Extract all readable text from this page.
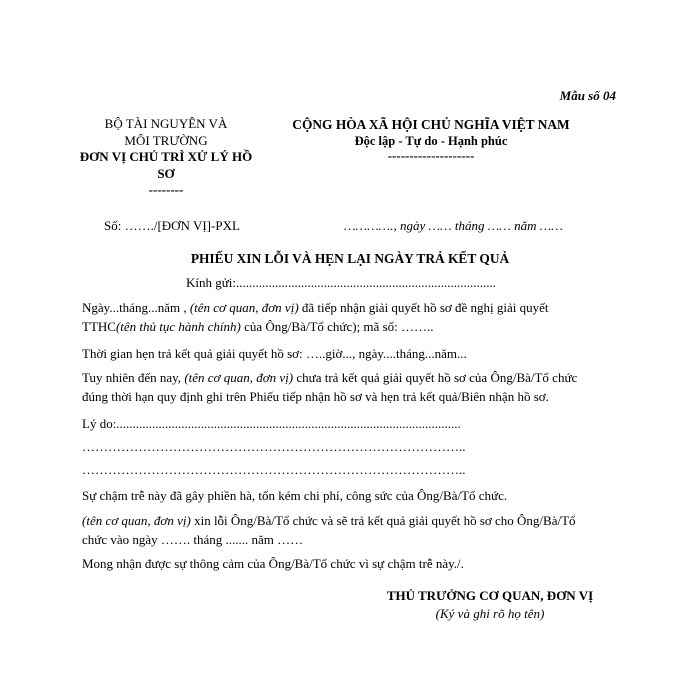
Mẫu số 04
BỘ TÀI NGUYÊN VÀ
MÔI TRƯỜNG
ĐƠN VỊ CHỦ TRÌ XỬ LÝ HỒ
SƠ
--------
CỘNG HÒA XÃ HỘI CHỦ NGHĨA VIỆT NAM
Độc lập - Tự do - Hạnh phúc
--------------------
Số: ……./[ĐƠN VỊ]-PXL	…………., ngày …… tháng …… năm ……
PHIẾU XIN LỖI VÀ HẸN LẠI NGÀY TRẢ KẾT QUẢ
Kính gửi:................................................................................
Ngày...tháng...năm , (tên cơ quan, đơn vị) đã tiếp nhận giải quyết hồ sơ đề nghị giải quyết
TTHC(tên thủ tục hành chính) của Ông/Bà/Tổ chức); mã số: ……..
Thời gian hẹn trả kết quả giải quyết hồ sơ: …..giờ..., ngày....tháng...năm...
Tuy nhiên đến nay, (tên cơ quan, đơn vị) chưa trả kết quả giải quyết hồ sơ của Ông/Bà/Tổ chức
đúng thời hạn quy định ghi trên Phiếu tiếp nhận hồ sơ và hẹn trả kết quả/Biên nhận hồ sơ.
Lý do:..........................................................................................................
……………………………………………………………………………..
……………………………………………………………………………..
Sự chậm trễ này đã gây phiền hà, tốn kém chi phí, công sức của Ông/Bà/Tổ chức.
(tên cơ quan, đơn vị) xin lỗi Ông/Bà/Tổ chức và sẽ trả kết quả giải quyết hồ sơ cho Ông/Bà/Tổ
chức vào ngày ……. tháng ....... năm ……
Mong nhận được sự thông cảm của Ông/Bà/Tổ chức vì sự chậm trễ này./.
THỦ TRƯỞNG CƠ QUAN, ĐƠN VỊ
(Ký và ghi rõ họ tên)
